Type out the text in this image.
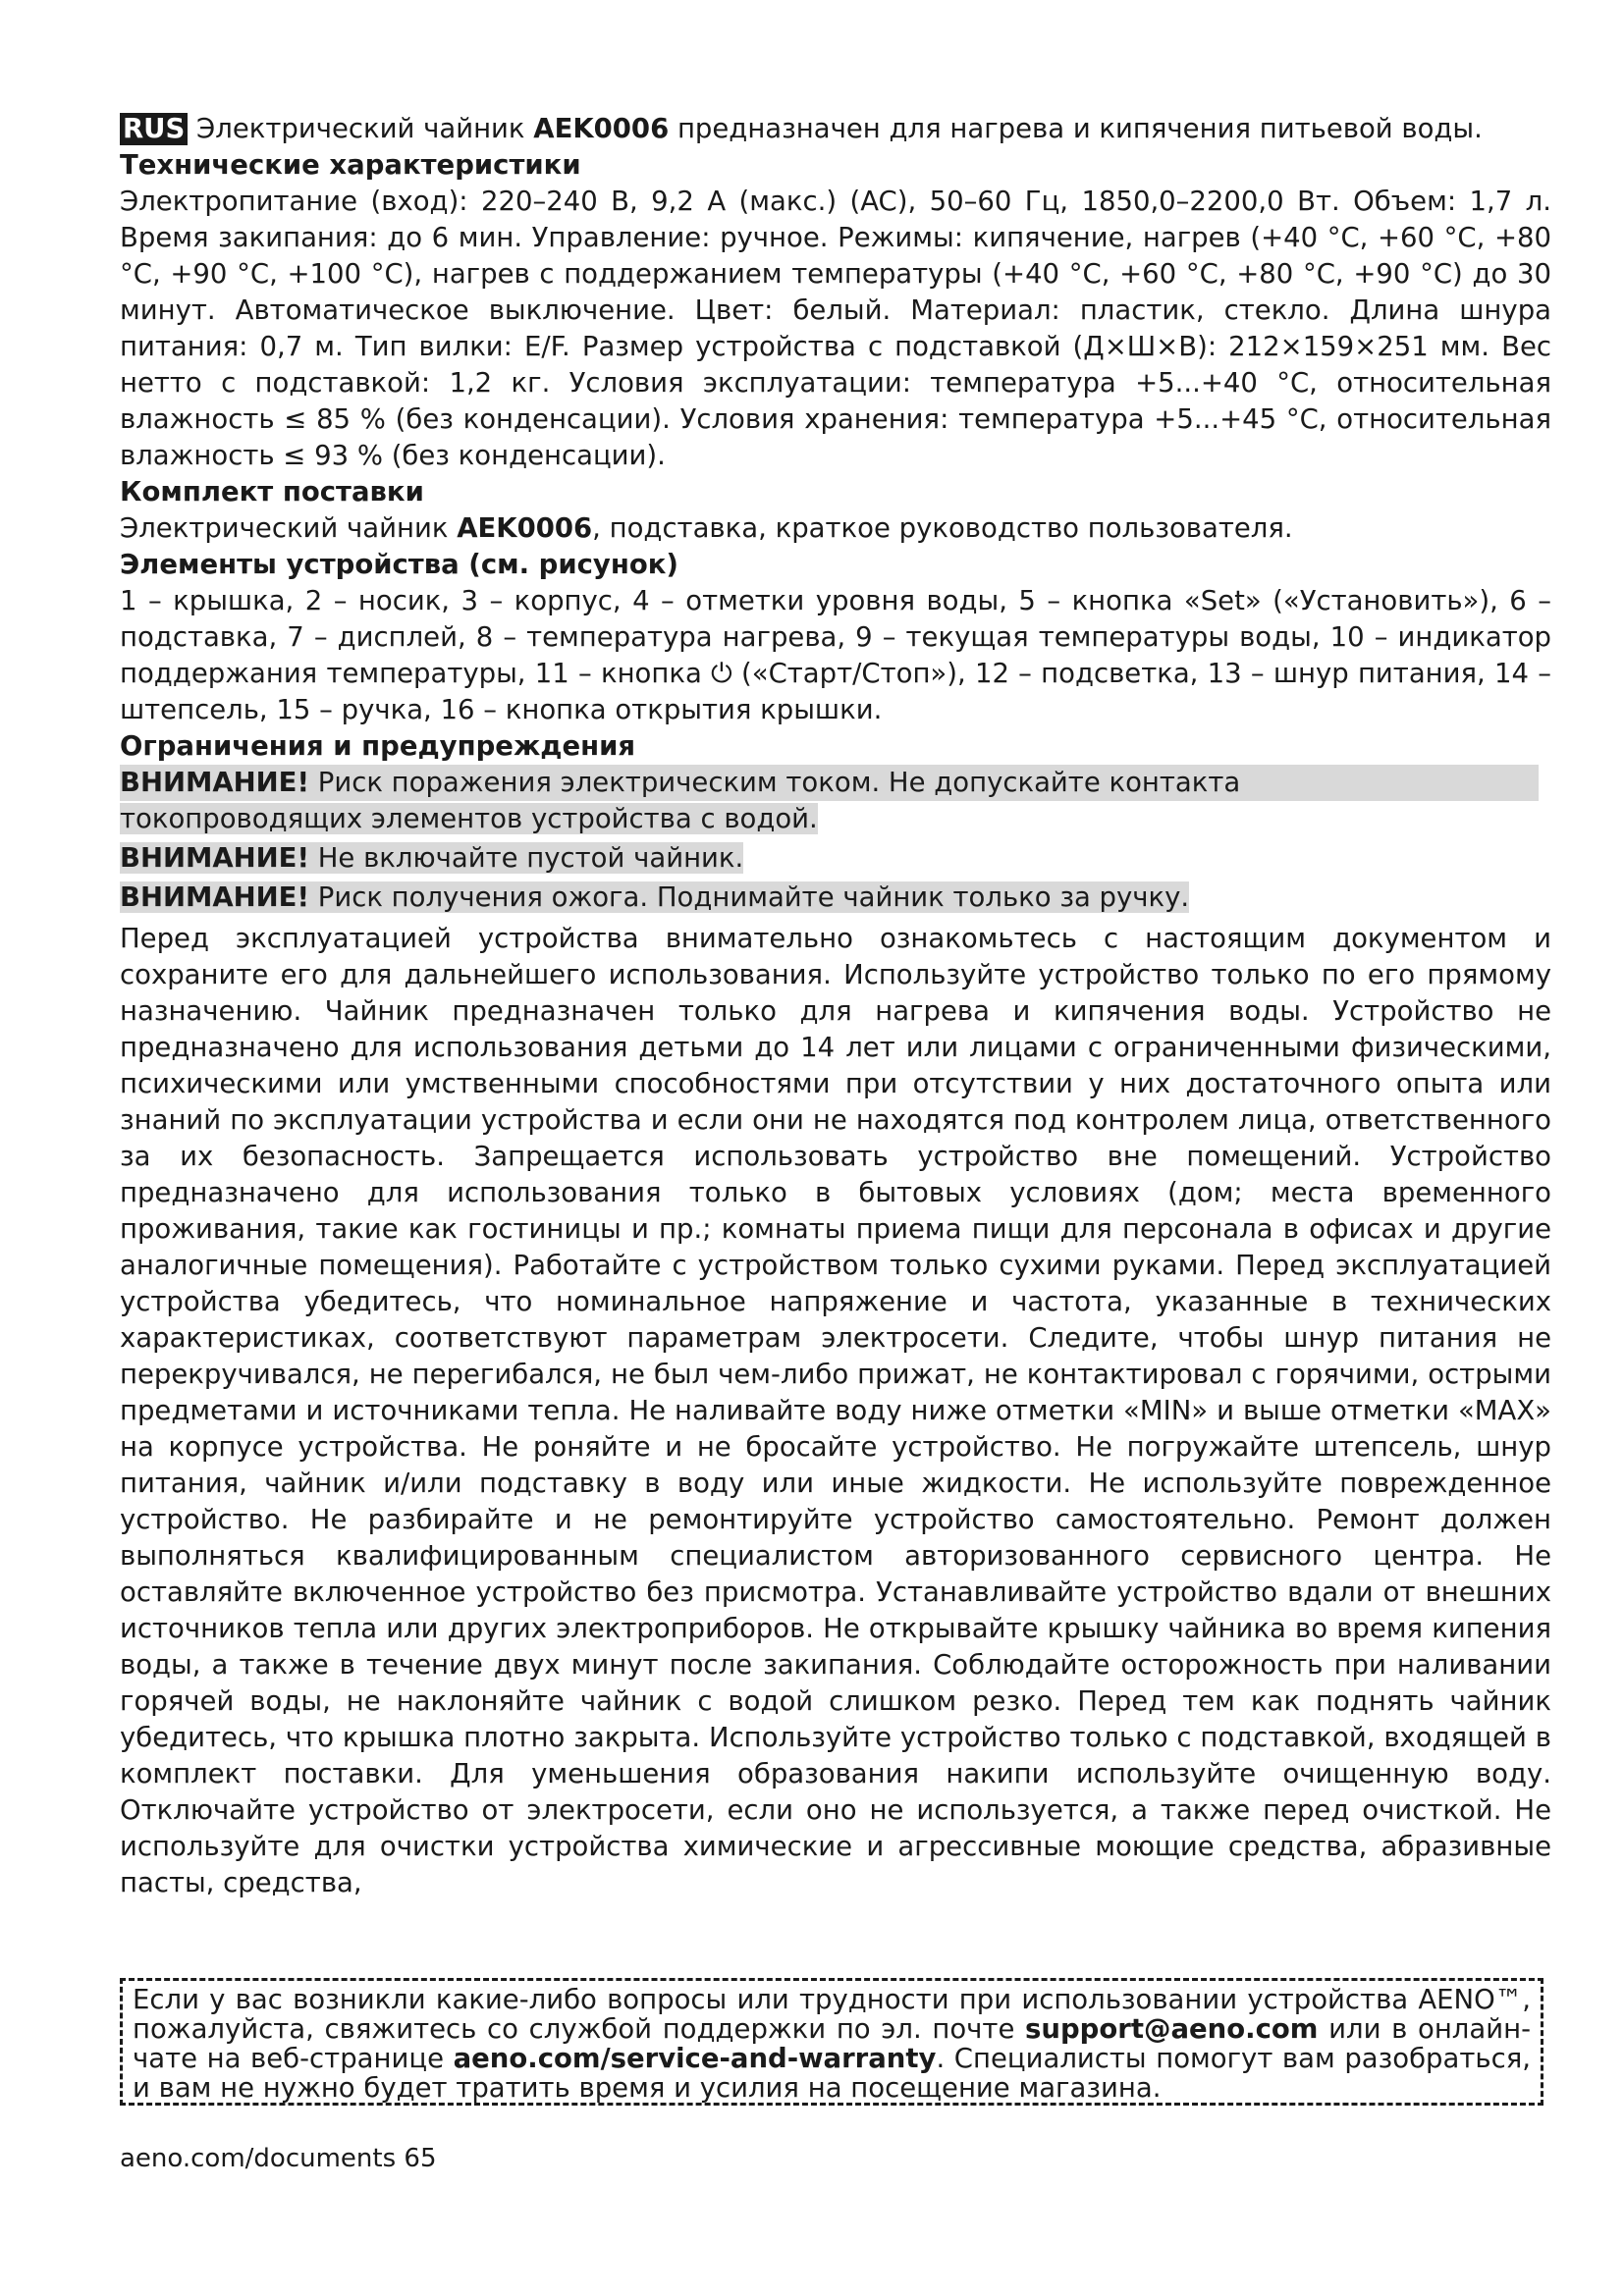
RUS Электрический чайник AEK0006 предназначен для нагрева и кипячения питьевой воды.

Технические характеристики

Электропитание (вход): 220–240 В, 9,2 А (макс.) (AC), 50–60 Гц, 1850,0–2200,0 Вт. Объем: 1,7 л. Время закипания: до 6 мин. Управление: ручное. Режимы: кипячение, нагрев (+40 °C, +60 °C, +80 °C, +90 °C, +100 °C), нагрев с поддержанием температуры (+40 °C, +60 °C, +80 °C, +90 °C) до 30 минут. Автоматическое выключение. Цвет: белый. Материал: пластик, стекло. Длина шнура питания: 0,7 м. Тип вилки: E/F. Размер устройства с подставкой (Д×Ш×В): 212×159×251 мм. Вес нетто с подставкой: 1,2 кг. Условия эксплуатации: температура +5...+40 °C, относительная влажность ≤ 85 % (без конденсации). Условия хранения: температура +5...+45 °C, относительная влажность ≤ 93 % (без конденсации).

Комплект поставки

Электрический чайник AEK0006, подставка, краткое руководство пользователя.

Элементы устройства (см. рисунок)

1 – крышка, 2 – носик, 3 – корпус, 4 – отметки уровня воды, 5 – кнопка «Set» («Установить»), 6 – подставка, 7 – дисплей, 8 – температура нагрева, 9 – текущая температуры воды, 10 – индикатор поддержания температуры, 11 – кнопка ⏻ («Старт/Стоп»), 12 – подсветка, 13 – шнур питания, 14 – штепсель, 15 – ручка, 16 – кнопка открытия крышки.

Ограничения и предупреждения

ВНИМАНИЕ! Риск поражения электрическим током. Не допускайте контакта

токопроводящих элементов устройства с водой.

ВНИМАНИЕ! Не включайте пустой чайник.

ВНИМАНИЕ! Риск получения ожога. Поднимайте чайник только за ручку.

Перед эксплуатацией устройства внимательно ознакомьтесь с настоящим документом и сохраните его для дальнейшего использования. Используйте устройство только по его прямому назначению. Чайник предназначен только для нагрева и кипячения воды. Устройство не предназначено для использования детьми до 14 лет или лицами с ограниченными физическими, психическими или умственными способностями при отсутствии у них достаточного опыта или знаний по эксплуатации устройства и если они не находятся под контролем лица, ответственного за их безопасность. Запрещается использовать устройство вне помещений. Устройство предназначено для использования только в бытовых условиях (дом; места временного проживания, такие как гостиницы и пр.; комнаты приема пищи для персонала в офисах и другие аналогичные помещения). Работайте с устройством только сухими руками. Перед эксплуатацией устройства убедитесь, что номинальное напряжение и частота, указанные в технических характеристиках, соответствуют параметрам электросети. Следите, чтобы шнур питания не перекручивался, не перегибался, не был чем-либо прижат, не контактировал с горячими, острыми предметами и источниками тепла. Не наливайте воду ниже отметки «MIN» и выше отметки «MAX» на корпусе устройства. Не роняйте и не бросайте устройство. Не погружайте штепсель, шнур питания, чайник и/или подставку в воду или иные жидкости. Не используйте поврежденное устройство. Не разбирайте и не ремонтируйте устройство самостоятельно. Ремонт должен выполняться квалифицированным специалистом авторизованного сервисного центра. Не оставляйте включенное устройство без присмотра. Устанавливайте устройство вдали от внешних источников тепла или других электроприборов. Не открывайте крышку чайника во время кипения воды, а также в течение двух минут после закипания. Соблюдайте осторожность при наливании горячей воды, не наклоняйте чайник с водой слишком резко. Перед тем как поднять чайник убедитесь, что крышка плотно закрыта. Используйте устройство только с подставкой, входящей в комплект поставки. Для уменьшения образования накипи используйте очищенную воду. Отключайте устройство от электросети, если оно не используется, а также перед очисткой. Не используйте для очистки устройства химические и агрессивные моющие средства, абразивные пасты, средства,

Если у вас возникли какие-либо вопросы или трудности при использовании устройства AENO™, пожалуйста, свяжитесь со службой поддержки по эл. почте support@aeno.com или в онлайн-чате на веб-странице aeno.com/service-and-warranty. Специалисты помогут вам разобраться, и вам не нужно будет тратить время и усилия на посещение магазина.

aeno.com/documents 65
